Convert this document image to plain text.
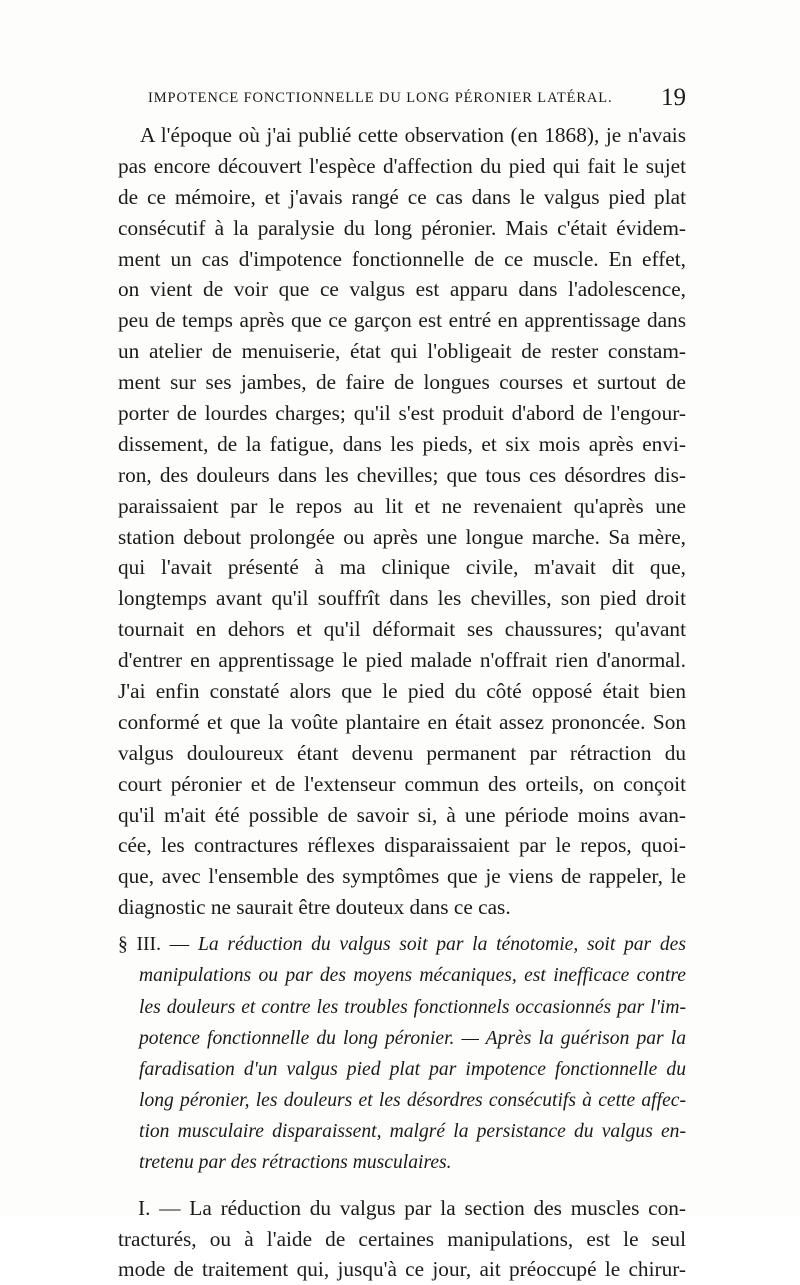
IMPOTENCE FONCTIONNELLE DU LONG PÉRONIER LATÉRAL. 19
A l'époque où j'ai publié cette observation (en 1868), je n'avais
pas encore découvert l'espèce d'affection du pied qui fait le sujet
de ce mémoire, et j'avais rangé ce cas dans le valgus pied plat
consécutif à la paralysie du long péronier. Mais c'était évidem-
ment un cas d'impotence fonctionnelle de ce muscle. En effet,
on vient de voir que ce valgus est apparu dans l'adolescence,
peu de temps après que ce garçon est entré en apprentissage dans
un atelier de menuiserie, état qui l'obligeait de rester constam-
ment sur ses jambes, de faire de longues courses et surtout de
porter de lourdes charges; qu'il s'est produit d'abord de l'engour-
dissement, de la fatigue, dans les pieds, et six mois après envi-
ron, des douleurs dans les chevilles; que tous ces désordres dis-
paraissaient par le repos au lit et ne revenaient qu'après une
station debout prolongée ou après une longue marche. Sa mère,
qui l'avait présenté à ma clinique civile, m'avait dit que,
longtemps avant qu'il souffrît dans les chevilles, son pied droit
tournait en dehors et qu'il déformait ses chaussures; qu'avant
d'entrer en apprentissage le pied malade n'offrait rien d'anormal.
J'ai enfin constaté alors que le pied du côté opposé était bien
conformé et que la voûte plantaire en était assez prononcée. Son
valgus douloureux étant devenu permanent par rétraction du
court péronier et de l'extenseur commun des orteils, on conçoit
qu'il m'ait été possible de savoir si, à une période moins avan-
cée, les contractures réflexes disparaissaient par le repos, quoi-
que, avec l'ensemble des symptômes que je viens de rappeler, le
diagnostic ne saurait être douteux dans ce cas.
§ III. — La réduction du valgus soit par la ténotomie, soit par des
manipulations ou par des moyens mécaniques, est inefficace contre
les douleurs et contre les troubles fonctionnels occasionnés par l'im-
potence fonctionnelle du long péronier. — Après la guérison par la
faradisation d'un valgus pied plat par impotence fonctionnelle du
long péronier, les douleurs et les désordres consécutifs à cette affec-
tion musculaire disparaissent, malgré la persistance du valgus en-
tretenu par des rétractions musculaires.
I. — La réduction du valgus par la section des muscles con-
tracturés, ou à l'aide de certaines manipulations, est le seul
mode de traitement qui, jusqu'à ce jour, ait préoccupé le chirur-
